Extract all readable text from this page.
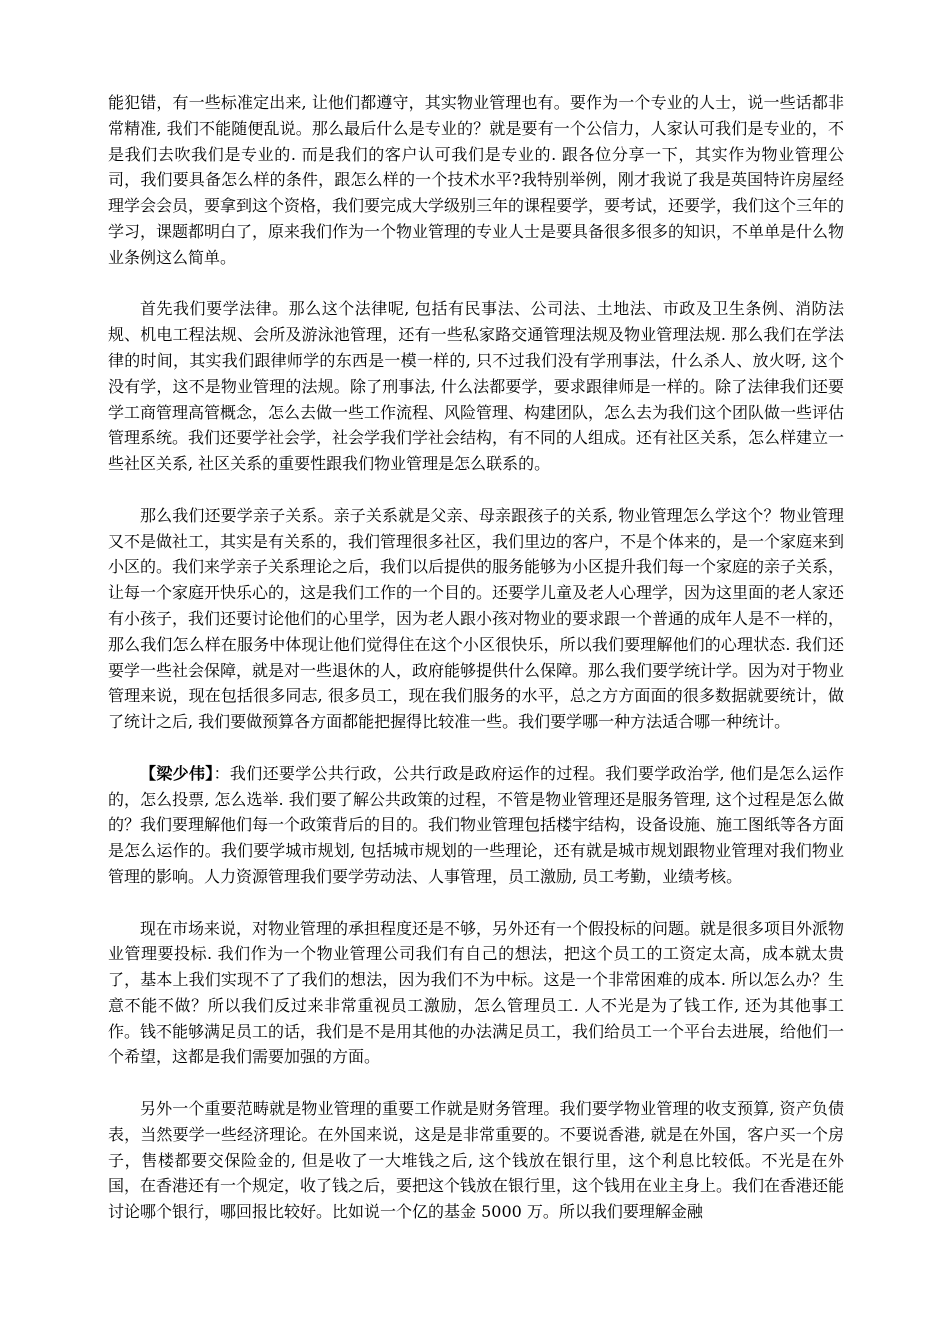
能犯错，有一些标准定出来, 让他们都遵守，其实物业管理也有。要作为一个专业的人士，说一些话都非常精准, 我们不能随便乱说。那么最后什么是专业的？就是要有一个公信力，人家认可我们是专业的，不是我们去吹我们是专业的. 而是我们的客户认可我们是专业的. 跟各位分享一下，其实作为物业管理公司，我们要具备怎么样的条件，跟怎么样的一个技术水平?我特别举例，刚才我说了我是英国特许房屋经理学会会员，要拿到这个资格，我们要完成大学级别三年的课程要学，要考试，还要学，我们这个三年的学习，课题都明白了，原来我们作为一个物业管理的专业人士是要具备很多很多的知识，不单单是什么物业条例这么简单。

首先我们要学法律。那么这个法律呢, 包括有民事法、公司法、土地法、市政及卫生条例、消防法规、机电工程法规、会所及游泳池管理，还有一些私家路交通管理法规及物业管理法规. 那么我们在学法律的时间，其实我们跟律师学的东西是一模一样的, 只不过我们没有学刑事法，什么杀人、放火呀, 这个没有学，这不是物业管理的法规。除了刑事法, 什么法都要学，要求跟律师是一样的。除了法律我们还要学工商管理高管概念，怎么去做一些工作流程、风险管理、构建团队，怎么去为我们这个团队做一些评估管理系统。我们还要学社会学，社会学我们学社会结构，有不同的人组成。还有社区关系，怎么样建立一些社区关系, 社区关系的重要性跟我们物业管理是怎么联系的。

那么我们还要学亲子关系。亲子关系就是父亲、母亲跟孩子的关系, 物业管理怎么学这个？物业管理又不是做社工，其实是有关系的，我们管理很多社区，我们里边的客户，不是个体来的，是一个家庭来到小区的。我们来学亲子关系理论之后，我们以后提供的服务能够为小区提升我们每一个家庭的亲子关系，让每一个家庭开快乐心的，这是我们工作的一个目的。还要学儿童及老人心理学，因为这里面的老人家还有小孩子，我们还要讨论他们的心里学，因为老人跟小孩对物业的要求跟一个普通的成年人是不一样的，那么我们怎么样在服务中体现让他们觉得住在这个小区很快乐，所以我们要理解他们的心理状态. 我们还要学一些社会保障，就是对一些退休的人，政府能够提供什么保障。那么我们要学统计学。因为对于物业管理来说，现在包括很多同志, 很多员工，现在我们服务的水平，总之方方面面的很多数据就要统计，做了统计之后, 我们要做预算各方面都能把握得比较准一些。我们要学哪一种方法适合哪一种统计。

【梁少伟】：我们还要学公共行政，公共行政是政府运作的过程。我们要学政治学, 他们是怎么运作的，怎么投票, 怎么选举. 我们要了解公共政策的过程，不管是物业管理还是服务管理, 这个过程是怎么做的？我们要理解他们每一个政策背后的目的。我们物业管理包括楼宇结构，设备设施、施工图纸等各方面是怎么运作的。我们要学城市规划, 包括城市规划的一些理论，还有就是城市规划跟物业管理对我们物业管理的影响。人力资源管理我们要学劳动法、人事管理，员工激励, 员工考勤，业绩考核。

现在市场来说，对物业管理的承担程度还是不够，另外还有一个假投标的问题。就是很多项目外派物业管理要投标. 我们作为一个物业管理公司我们有自己的想法，把这个员工的工资定太高，成本就太贵了，基本上我们实现不了了我们的想法，因为我们不为中标。这是一个非常困难的成本. 所以怎么办？生意不能不做？所以我们反过来非常重视员工激励，怎么管理员工. 人不光是为了钱工作, 还为其他事工作。钱不能够满足员工的话，我们是不是用其他的办法满足员工，我们给员工一个平台去进展，给他们一个希望，这都是我们需要加强的方面。

另外一个重要范畴就是物业管理的重要工作就是财务管理。我们要学物业管理的收支预算, 资产负债表，当然要学一些经济理论。在外国来说，这是是非常重要的。不要说香港, 就是在外国，客户买一个房子，售楼都要交保险金的, 但是收了一大堆钱之后, 这个钱放在银行里，这个利息比较低。不光是在外国，在香港还有一个规定，收了钱之后，要把这个钱放在银行里，这个钱用在业主身上。我们在香港还能讨论哪个银行，哪回报比较好。比如说一个亿的基金 5000 万。所以我们要理解金融
